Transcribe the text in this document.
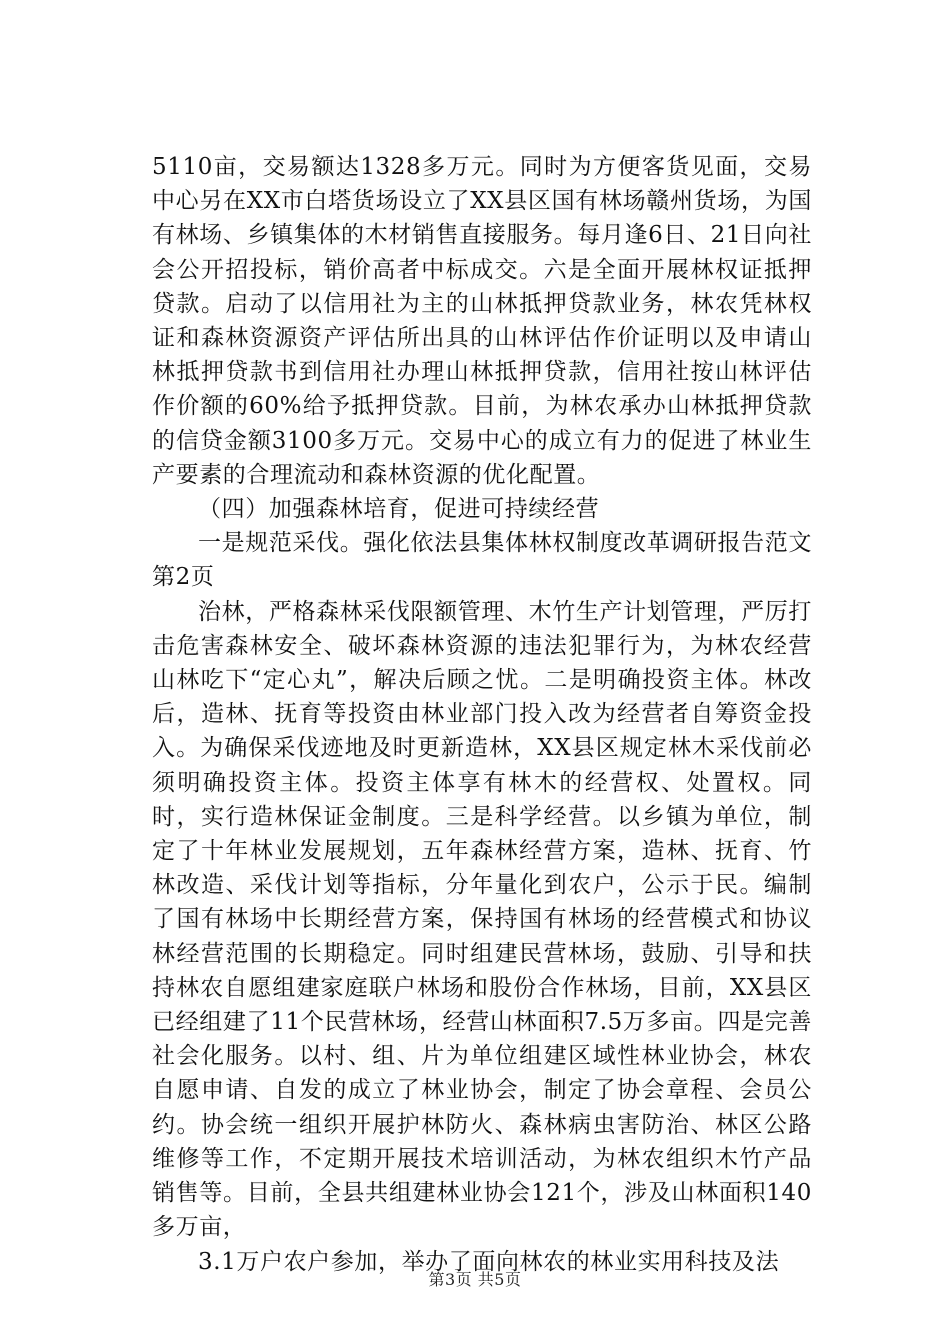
5110亩，交易额达1328多万元。同时为方便客货见面，交易中心另在XX市白塔货场设立了XX县区国有林场赣州货场，为国有林场、乡镇集体的木材销售直接服务。每月逢6日、21日向社会公开招投标，销价高者中标成交。六是全面开展林权证抵押贷款。启动了以信用社为主的山林抵押贷款业务，林农凭林权证和森林资源资产评估所出具的山林评估作价证明以及申请山林抵押贷款书到信用社办理山林抵押贷款，信用社按山林评估作价额的60%给予抵押贷款。目前，为林农承办山林抵押贷款的信贷金额3100多万元。交易中心的成立有力的促进了林业生产要素的合理流动和森林资源的优化配置。

（四）加强森林培育，促进可持续经营

一是规范采伐。强化依法县集体林权制度改革调研报告范文第2页

治林，严格森林采伐限额管理、木竹生产计划管理，严厉打击危害森林安全、破坏森林资源的违法犯罪行为，为林农经营山林吃下“定心丸”，解决后顾之忧。二是明确投资主体。林改后，造林、抚育等投资由林业部门投入改为经营者自筹资金投入。为确保采伐迹地及时更新造林，XX县区规定林木采伐前必须明确投资主体。投资主体享有林木的经营权、处置权。同时，实行造林保证金制度。三是科学经营。以乡镇为单位，制定了十年林业发展规划，五年森林经营方案，造林、抚育、竹林改造、采伐计划等指标，分年量化到农户，公示于民。编制了国有林场中长期经营方案，保持国有林场的经营模式和协议林经营范围的长期稳定。同时组建民营林场，鼓励、引导和扶持林农自愿组建家庭联户林场和股份合作林场，目前，XX县区已经组建了11个民营林场，经营山林面积7.5万多亩。四是完善社会化服务。以村、组、片为单位组建区域性林业协会，林农自愿申请、自发的成立了林业协会，制定了协会章程、会员公约。协会统一组织开展护林防火、森林病虫害防治、林区公路维修等工作，不定期开展技术培训活动，为林农组织木竹产品销售等。目前，全县共组建林业协会121个，涉及山林面积140多万亩，

3.1万户农户参加，举办了面向林农的林业实用科技及法

第3页 共5页
